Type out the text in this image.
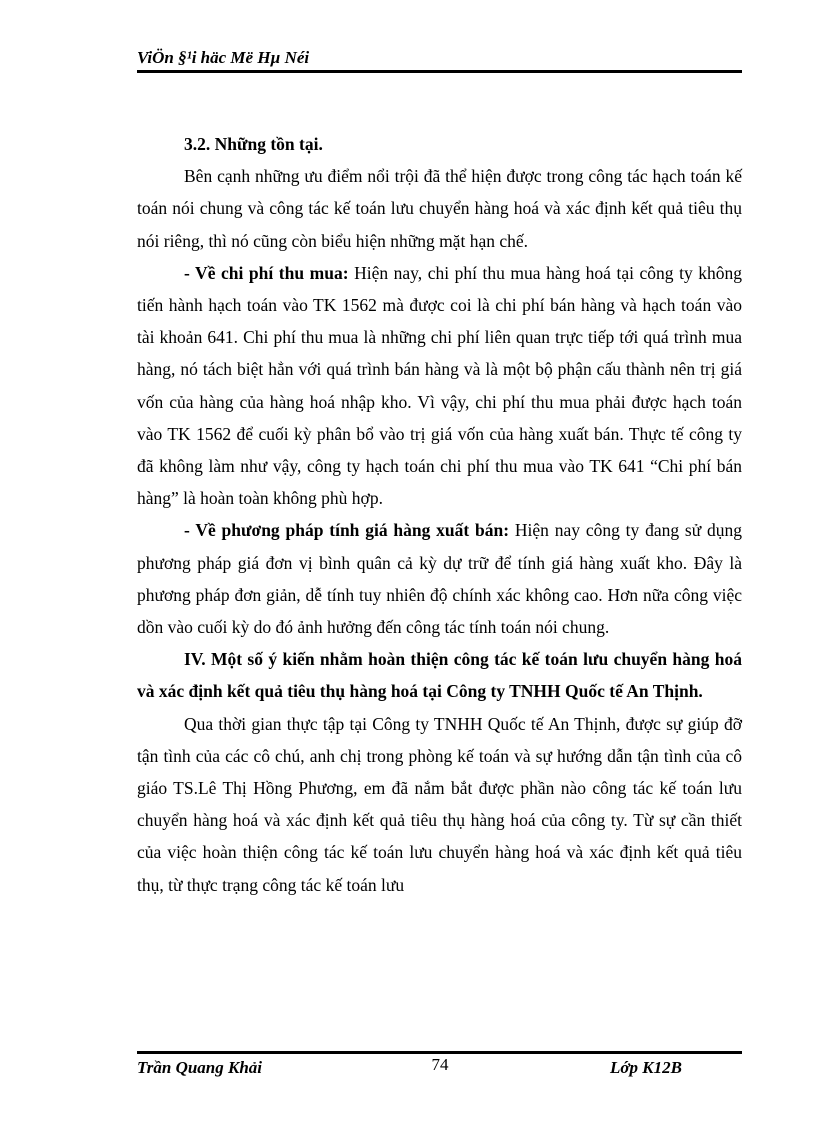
ViÖn §¹i häc Më Hµ Néi

3.2. Những tồn tại.

Bên cạnh những ưu điểm nổi trội đã thể hiện được trong công tác hạch toán kế toán nói chung và công tác kế toán lưu chuyển hàng hoá và xác định kết quả tiêu thụ nói riêng, thì nó cũng còn biểu hiện những mặt hạn chế.

- Về chi phí thu mua: Hiện nay, chi phí thu mua hàng hoá tại công ty không tiến hành hạch toán vào TK 1562 mà được coi là chi phí bán hàng và hạch toán vào tài khoản 641. Chi phí thu mua là những chi phí liên quan trực tiếp tới quá trình mua hàng, nó tách biệt hẳn với quá trình bán hàng và là một bộ phận cấu thành nên trị giá vốn của hàng của hàng hoá nhập kho. Vì vậy, chi phí thu mua phải được hạch toán vào TK 1562 để cuối kỳ phân bổ vào trị giá vốn của hàng xuất bán. Thực tế công ty đã không làm như vậy, công ty hạch toán chi phí thu mua vào TK 641 “Chi phí bán hàng” là hoàn toàn không phù hợp.

- Về phương pháp tính giá hàng xuất bán: Hiện nay công ty đang sử dụng phương pháp giá đơn vị bình quân cả kỳ dự trữ để tính giá hàng xuất kho. Đây là phương pháp đơn giản, dễ tính tuy nhiên độ chính xác không cao. Hơn nữa công việc dồn vào cuối kỳ do đó ảnh hưởng đến công tác tính toán nói chung.

IV. Một số ý kiến nhằm hoàn thiện công tác kế toán lưu chuyển hàng hoá và xác định kết quả tiêu thụ hàng hoá tại Công ty TNHH Quốc tế An Thịnh.

Qua thời gian thực tập tại Công ty TNHH Quốc tế An Thịnh, được sự giúp đỡ tận tình của các cô chú, anh chị trong phòng kế toán và sự hướng dẫn tận tình của cô giáo TS.Lê Thị Hồng Phương, em đã nắm bắt được phần nào công tác kế toán lưu chuyển hàng hoá và xác định kết quả tiêu thụ hàng hoá của công ty. Từ sự cần thiết của việc hoàn thiện công tác kế toán lưu chuyển hàng hoá và xác định kết quả tiêu thụ, từ thực trạng công tác kế toán lưu

Trần Quang Khải	74	Lớp K12B
